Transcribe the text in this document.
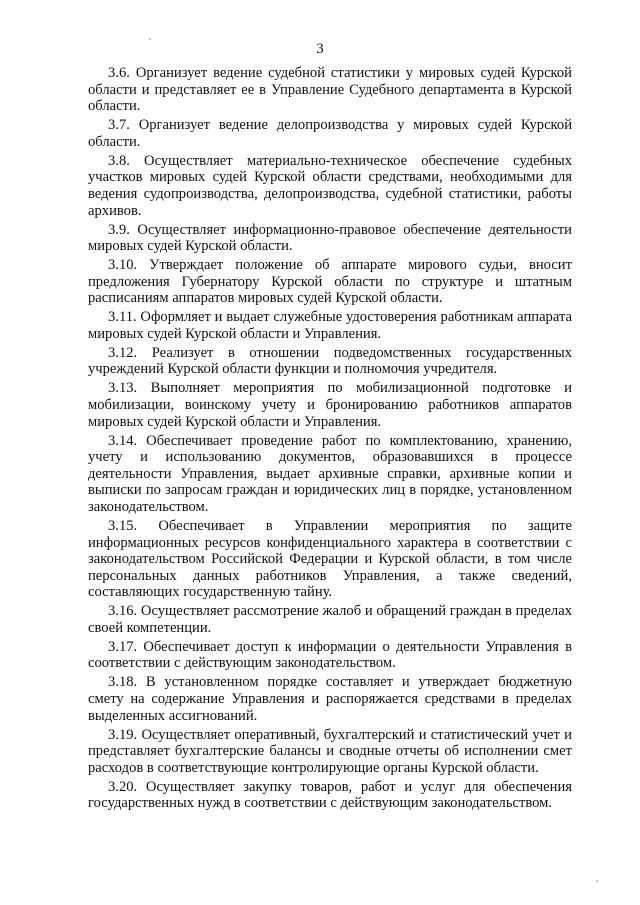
3

3.6. Организует ведение судебной статистики у мировых судей Курской области и представляет ее в Управление Судебного департамента в Курской области.

3.7. Организует ведение делопроизводства у мировых судей Курской области.

3.8. Осуществляет материально-техническое обеспечение судебных участков мировых судей Курской области средствами, необходимыми для ведения судопроизводства, делопроизводства, судебной статистики, работы архивов.

3.9. Осуществляет информационно-правовое обеспечение деятельности мировых судей Курской области.

3.10. Утверждает положение об аппарате мирового судьи, вносит предложения Губернатору Курской области по структуре и штатным расписаниям аппаратов мировых судей Курской области.

3.11. Оформляет и выдает служебные удостоверения работникам аппарата мировых судей Курской области и Управления.

3.12. Реализует в отношении подведомственных государственных учреждений Курской области функции и полномочия учредителя.

3.13. Выполняет мероприятия по мобилизационной подготовке и мобилизации, воинскому учету и бронированию работников аппаратов мировых судей Курской области и Управления.

3.14. Обеспечивает проведение работ по комплектованию, хранению, учету и использованию документов, образовавшихся в процессе деятельности Управления, выдает архивные справки, архивные копии и выписки по запросам граждан и юридических лиц в порядке, установленном законодательством.

3.15. Обеспечивает в Управлении мероприятия по защите информационных ресурсов конфиденциального характера в соответствии с законодательством Российской Федерации и Курской области, в том числе персональных данных работников Управления, а также сведений, составляющих государственную тайну.

3.16. Осуществляет рассмотрение жалоб и обращений граждан в пределах своей компетенции.

3.17. Обеспечивает доступ к информации о деятельности Управления в соответствии с действующим законодательством.

3.18. В установленном порядке составляет и утверждает бюджетную смету на содержание Управления и распоряжается средствами в пределах выделенных ассигнований.

3.19. Осуществляет оперативный, бухгалтерский и статистический учет и представляет бухгалтерские балансы и сводные отчеты об исполнении смет расходов в соответствующие контролирующие органы Курской области.

3.20. Осуществляет закупку товаров, работ и услуг для обеспечения государственных нужд в соответствии с действующим законодательством.
